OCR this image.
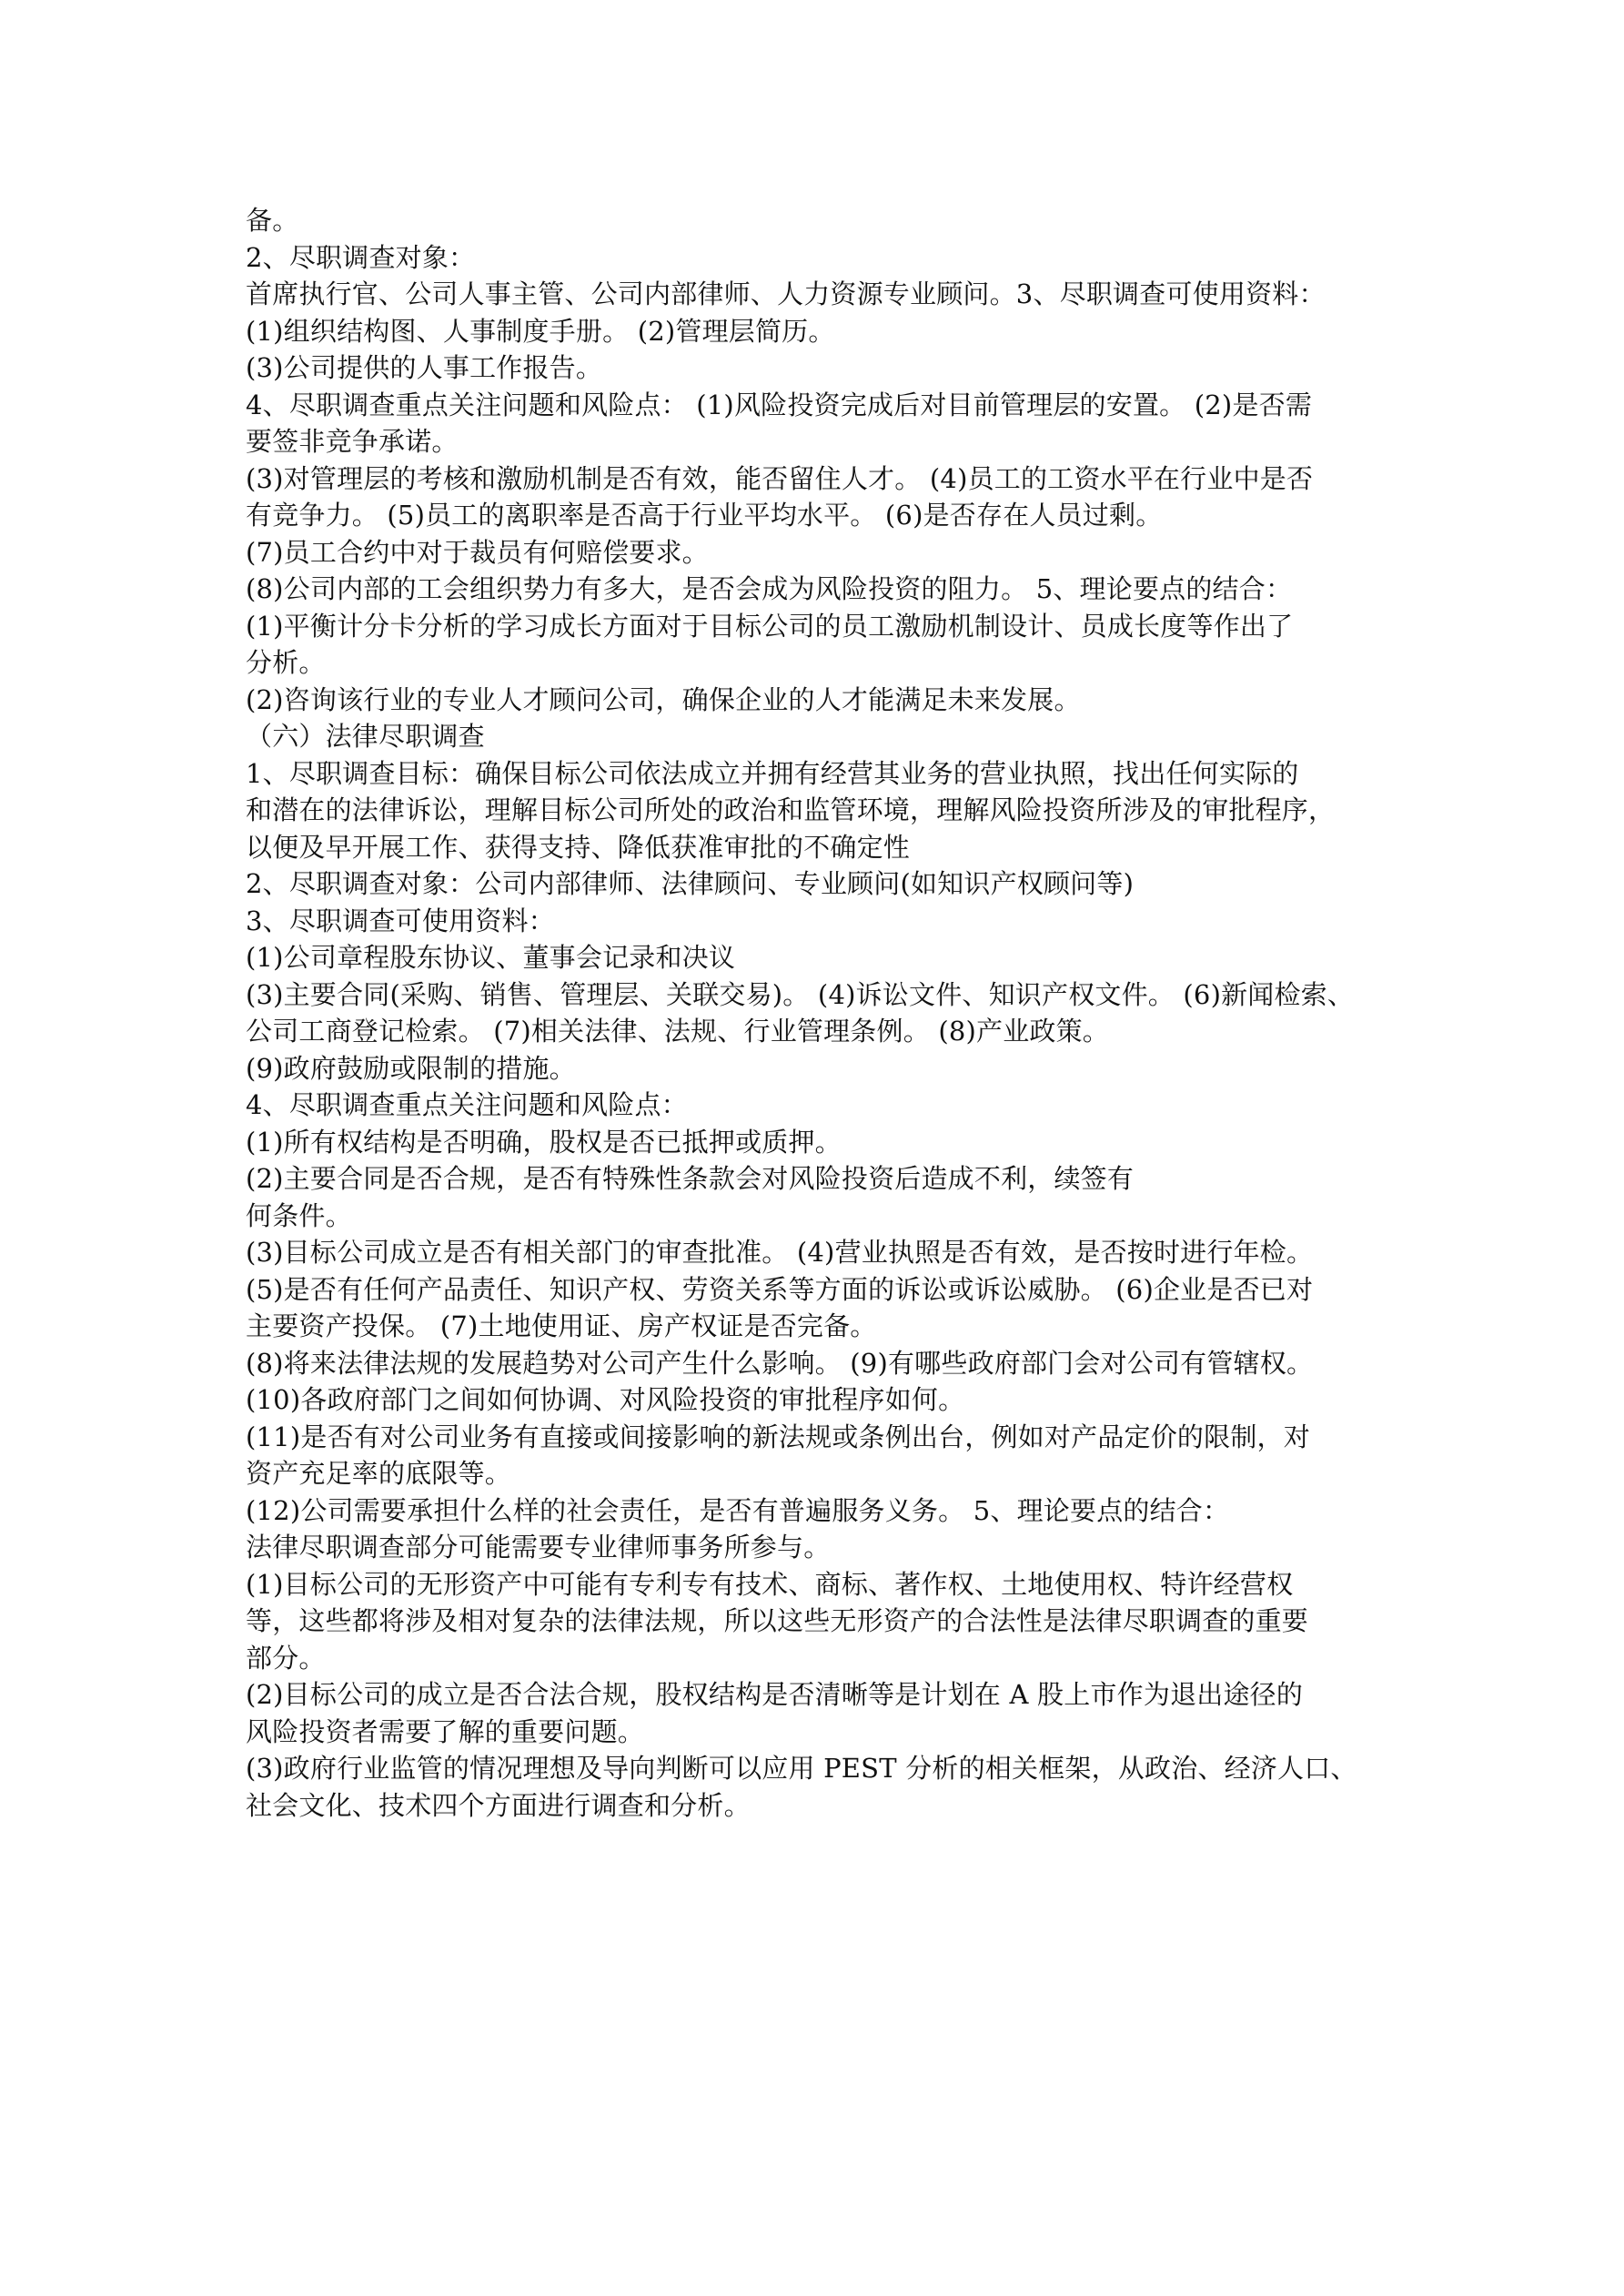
备。
2、尽职调查对象：
首席执行官、公司人事主管、公司内部律师、人力资源专业顾问。3、尽职调查可使用资料：
(1)组织结构图、人事制度手册。 (2)管理层简历。
(3)公司提供的人事工作报告。
4、尽职调查重点关注问题和风险点： (1)风险投资完成后对目前管理层的安置。 (2)是否需
要签非竞争承诺。
(3)对管理层的考核和激励机制是否有效，能否留住人才。 (4)员工的工资水平在行业中是否
有竞争力。 (5)员工的离职率是否高于行业平均水平。 (6)是否存在人员过剩。
(7)员工合约中对于裁员有何赔偿要求。
(8)公司内部的工会组织势力有多大，是否会成为风险投资的阻力。 5、理论要点的结合：
(1)平衡计分卡分析的学习成长方面对于目标公司的员工激励机制设计、员成长度等作出了
分析。
(2)咨询该行业的专业人才顾问公司，确保企业的人才能满足未来发展。
（六）法律尽职调查
1、尽职调查目标：确保目标公司依法成立并拥有经营其业务的营业执照，找出任何实际的
和潜在的法律诉讼，理解目标公司所处的政治和监管环境，理解风险投资所涉及的审批程序，
以便及早开展工作、获得支持、降低获准审批的不确定性
2、尽职调查对象：公司内部律师、法律顾问、专业顾问(如知识产权顾问等)
3、尽职调查可使用资料：
(1)公司章程股东协议、董事会记录和决议
(3)主要合同(采购、销售、管理层、关联交易)。 (4)诉讼文件、知识产权文件。 (6)新闻检索、
公司工商登记检索。 (7)相关法律、法规、行业管理条例。 (8)产业政策。
(9)政府鼓励或限制的措施。
4、尽职调查重点关注问题和风险点：
(1)所有权结构是否明确，股权是否已抵押或质押。
(2)主要合同是否合规，是否有特殊性条款会对风险投资后造成不利，续签有
何条件。
(3)目标公司成立是否有相关部门的审查批准。 (4)营业执照是否有效，是否按时进行年检。
(5)是否有任何产品责任、知识产权、劳资关系等方面的诉讼或诉讼威胁。 (6)企业是否已对
主要资产投保。 (7)土地使用证、房产权证是否完备。
(8)将来法律法规的发展趋势对公司产生什么影响。 (9)有哪些政府部门会对公司有管辖权。
(10)各政府部门之间如何协调、对风险投资的审批程序如何。
(11)是否有对公司业务有直接或间接影响的新法规或条例出台，例如对产品定价的限制，对
资产充足率的底限等。
(12)公司需要承担什么样的社会责任，是否有普遍服务义务。 5、理论要点的结合：
法律尽职调查部分可能需要专业律师事务所参与。
(1)目标公司的无形资产中可能有专利专有技术、商标、著作权、土地使用权、特许经营权
等，这些都将涉及相对复杂的法律法规，所以这些无形资产的合法性是法律尽职调查的重要
部分。
(2)目标公司的成立是否合法合规，股权结构是否清晰等是计划在 A 股上市作为退出途径的
风险投资者需要了解的重要问题。
(3)政府行业监管的情况理想及导向判断可以应用 PEST 分析的相关框架，从政治、经济人口、
社会文化、技术四个方面进行调查和分析。
